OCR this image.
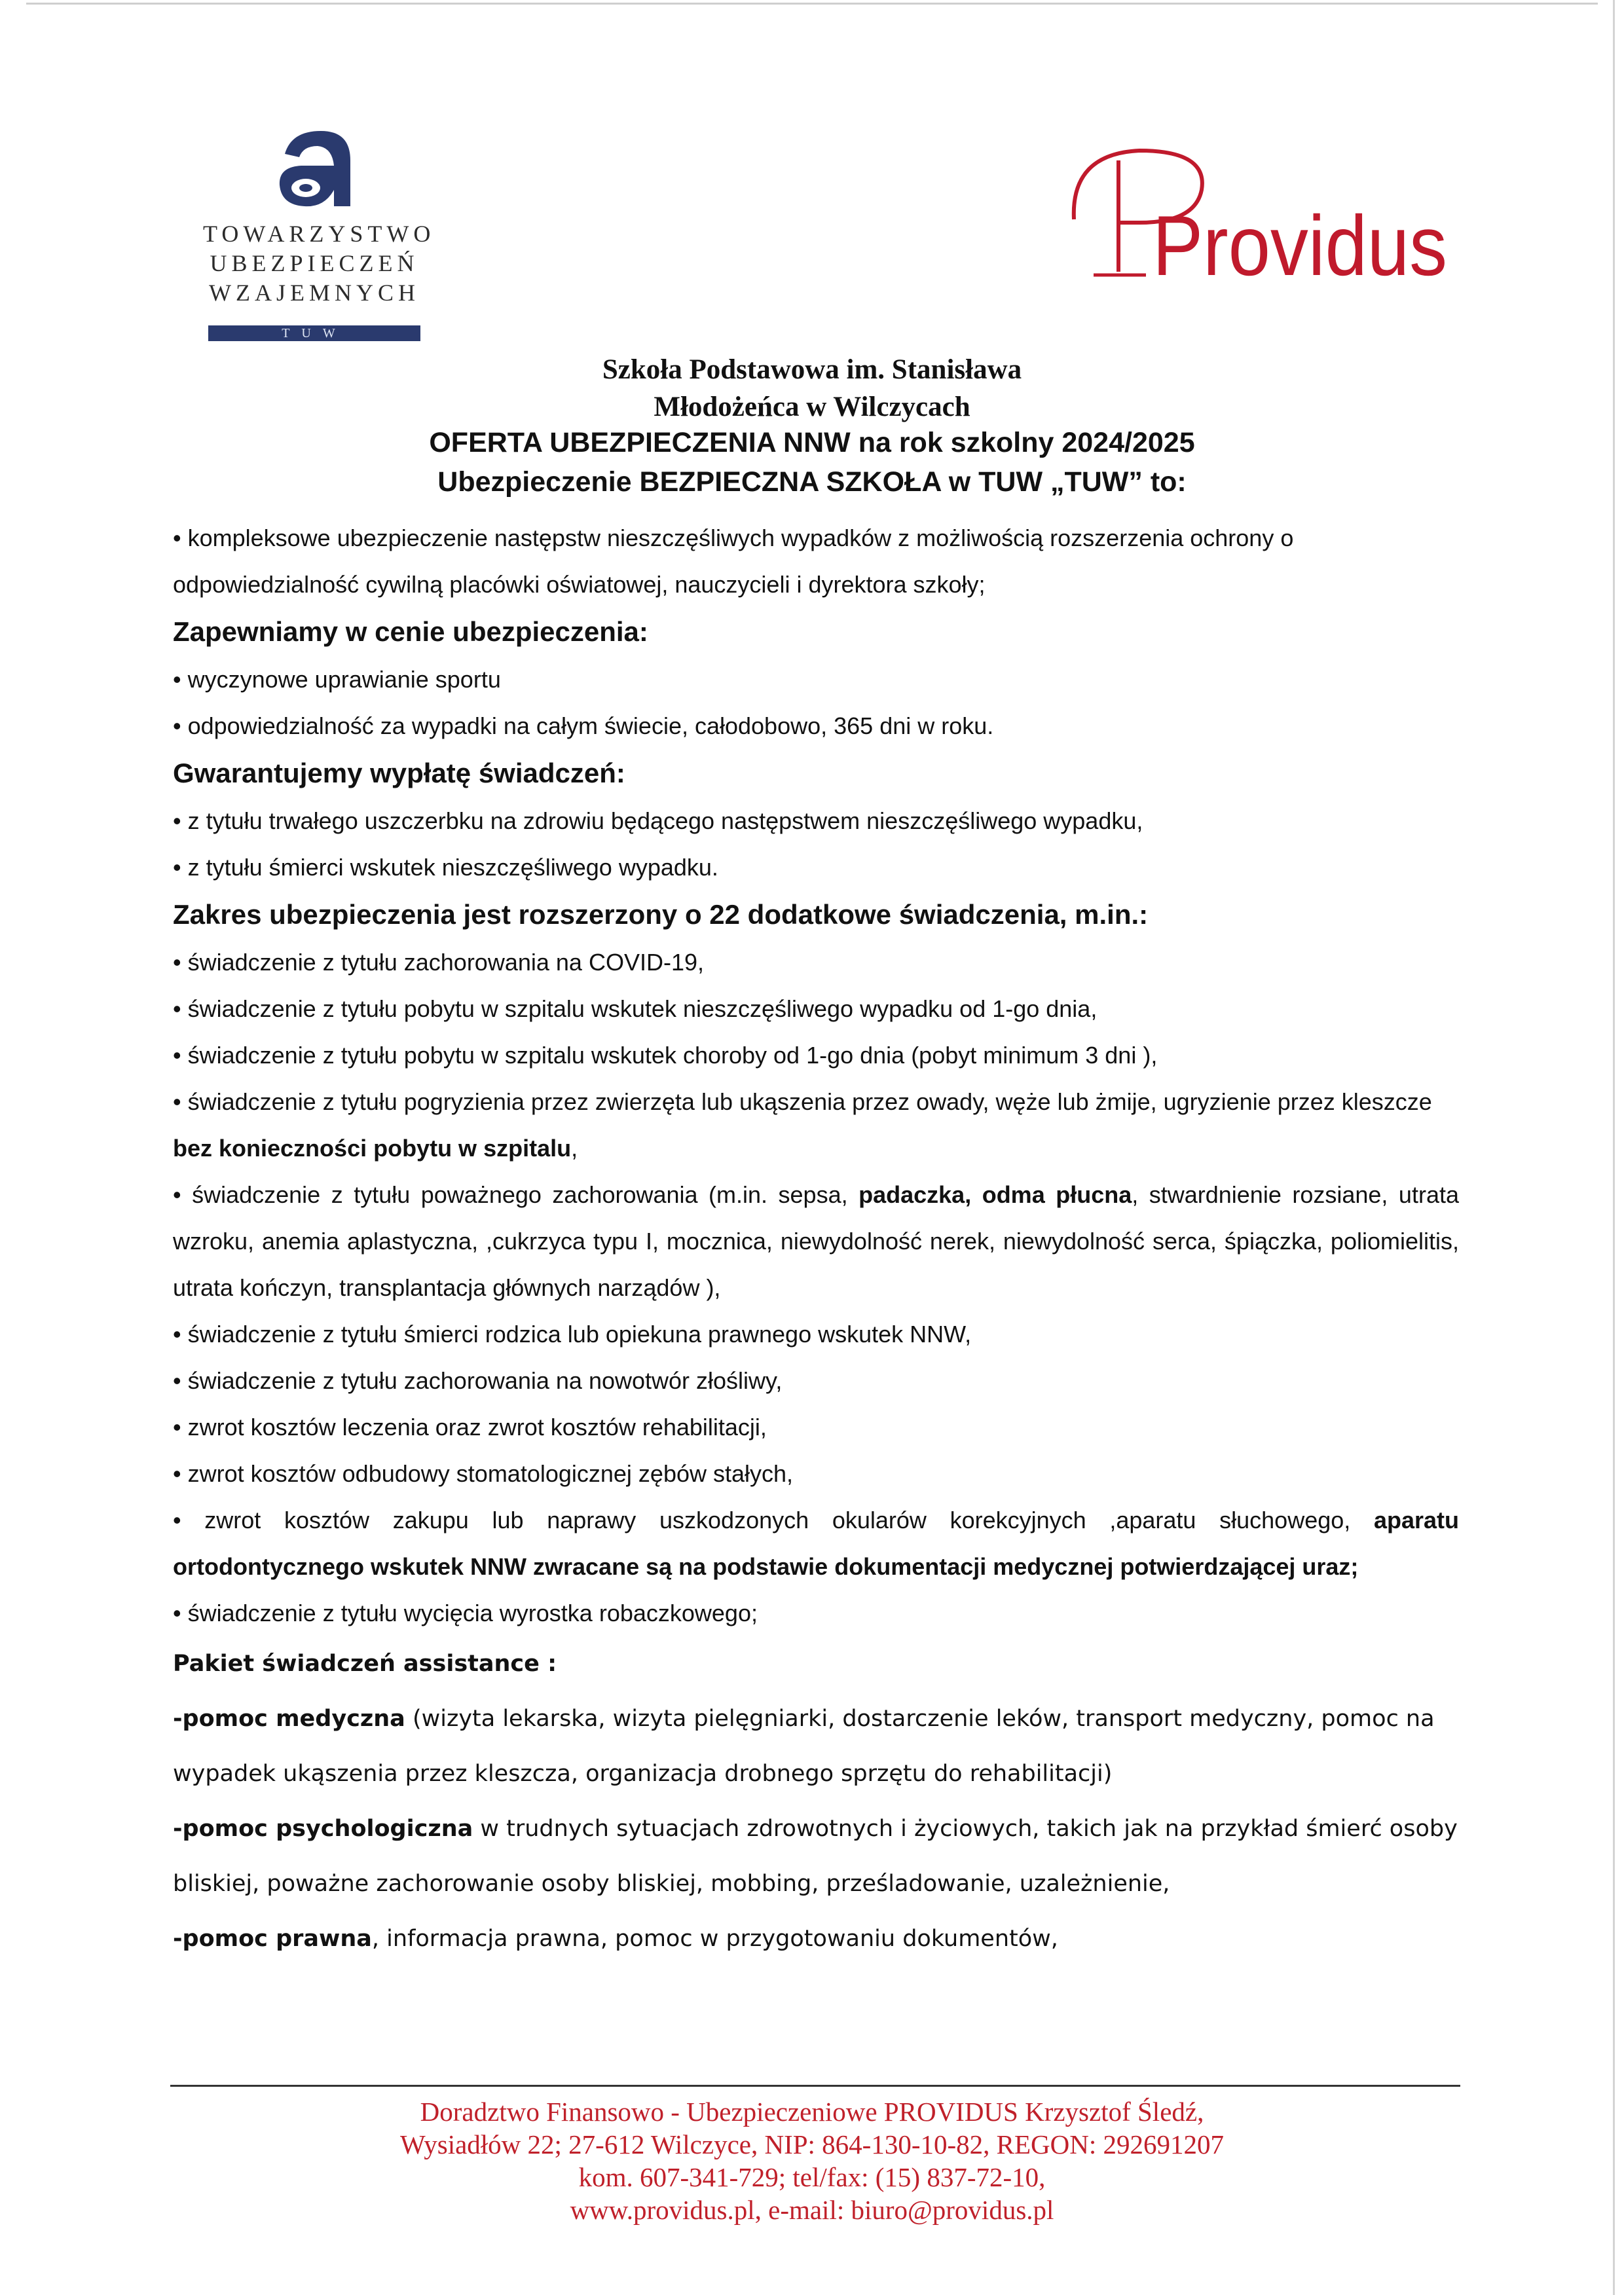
TOWARZYSTWO
UBEZPIECZEŃ
WZAJEMNYCH
TUW
Providus
Szkoła Podstawowa im. Stanisława
Młodożeńca w Wilczycach
OFERTA UBEZPIECZENIA NNW na rok szkolny 2024/2025
Ubezpieczenie BEZPIECZNA SZKOŁA w TUW „TUW” to:

• kompleksowe ubezpieczenie następstw nieszczęśliwych wypadków z możliwością rozszerzenia ochrony o odpowiedzialność cywilną placówki oświatowej, nauczycieli i dyrektora szkoły;

Zapewniamy w cenie ubezpieczenia:

• wyczynowe uprawianie sportu

• odpowiedzialność za wypadki na całym świecie, całodobowo, 365 dni w roku.

Gwarantujemy wypłatę świadczeń:

• z tytułu trwałego uszczerbku na zdrowiu będącego następstwem nieszczęśliwego wypadku,

• z tytułu śmierci wskutek nieszczęśliwego wypadku.

Zakres ubezpieczenia jest rozszerzony o 22 dodatkowe świadczenia, m.in.:

• świadczenie z tytułu zachorowania na COVID-19,

• świadczenie z tytułu pobytu w szpitalu wskutek nieszczęśliwego wypadku od 1-go dnia,

• świadczenie z tytułu pobytu w szpitalu wskutek choroby od 1-go dnia (pobyt minimum 3 dni ),

• świadczenie z tytułu pogryzienia przez zwierzęta lub ukąszenia przez owady, węże lub żmije, ugryzienie przez kleszcze bez konieczności pobytu w szpitalu,

• świadczenie z tytułu poważnego zachorowania (m.in. sepsa, padaczka, odma płucna, stwardnienie rozsiane, utrata wzroku, anemia aplastyczna, ,cukrzyca typu I, mocznica, niewydolność nerek, niewydolność serca, śpiączka, poliomielitis, utrata kończyn, transplantacja głównych narządów ),

• świadczenie z tytułu śmierci rodzica lub opiekuna prawnego wskutek NNW,

• świadczenie z tytułu zachorowania na nowotwór złośliwy,

• zwrot kosztów leczenia oraz zwrot kosztów rehabilitacji,

• zwrot kosztów odbudowy stomatologicznej zębów stałych,

• zwrot kosztów zakupu lub naprawy uszkodzonych okularów korekcyjnych ,aparatu słuchowego, aparatu ortodontycznego wskutek NNW zwracane są na podstawie dokumentacji medycznej potwierdzającej uraz;

• świadczenie z tytułu wycięcia wyrostka robaczkowego;

Pakiet świadczeń assistance :

-pomoc medyczna (wizyta lekarska, wizyta pielęgniarki, dostarczenie leków, transport medyczny, pomoc na wypadek ukąszenia przez kleszcza, organizacja drobnego sprzętu do rehabilitacji)

-pomoc psychologiczna w trudnych sytuacjach zdrowotnych i życiowych, takich jak na przykład śmierć osoby bliskiej, poważne zachorowanie osoby bliskiej, mobbing, prześladowanie, uzależnienie,

-pomoc prawna, informacja prawna, pomoc w przygotowaniu dokumentów,

Doradztwo Finansowo - Ubezpieczeniowe PROVIDUS Krzysztof Śledź,

Wysiadłów 22; 27-612 Wilczyce, NIP: 864-130-10-82, REGON: 292691207

kom. 607-341-729; tel/fax: (15) 837-72-10,

www.providus.pl, e-mail: biuro@providus.pl
